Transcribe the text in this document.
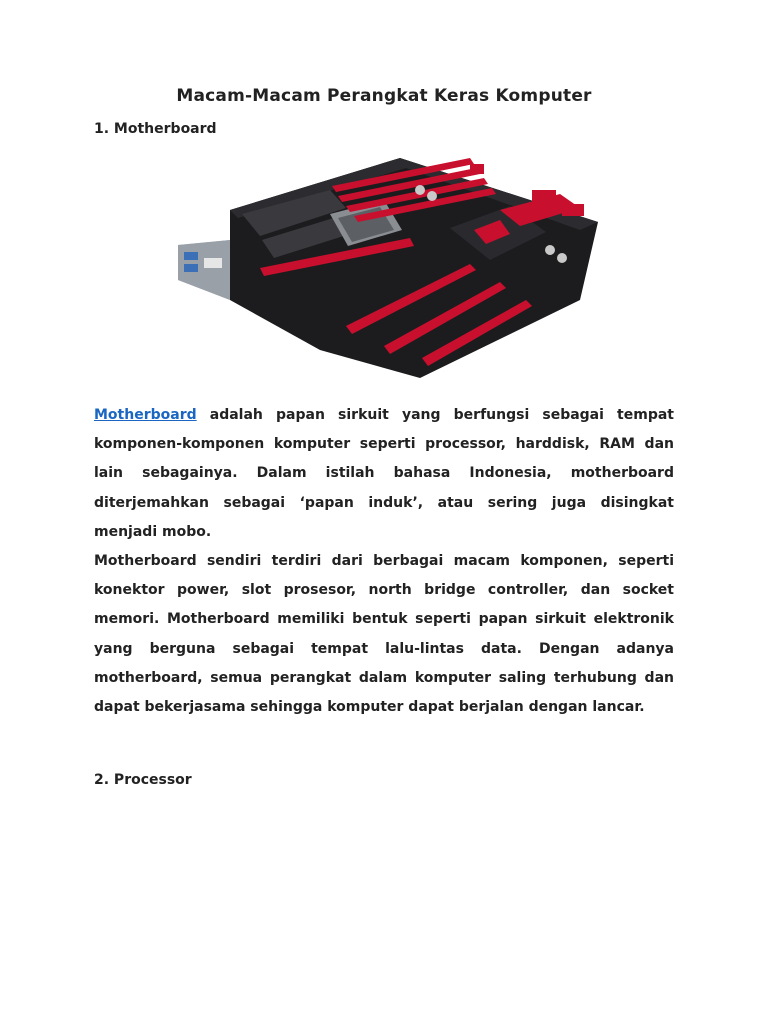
Macam-Macam Perangkat Keras Komputer
1. Motherboard

Motherboard adalah papan sirkuit yang berfungsi sebagai tempat komponen-komponen komputer seperti processor, harddisk, RAM dan lain sebagainya. Dalam istilah bahasa Indonesia, motherboard diterjemahkan sebagai ‘papan induk’, atau sering juga disingkat menjadi mobo.

Motherboard sendiri terdiri dari berbagai macam komponen, seperti konektor power, slot prosesor, north bridge controller, dan socket memori. Motherboard memiliki bentuk seperti papan sirkuit elektronik yang berguna sebagai tempat lalu-lintas data. Dengan adanya motherboard, semua perangkat dalam komputer saling terhubung dan dapat bekerjasama sehingga komputer dapat berjalan dengan lancar.

2. Processor
